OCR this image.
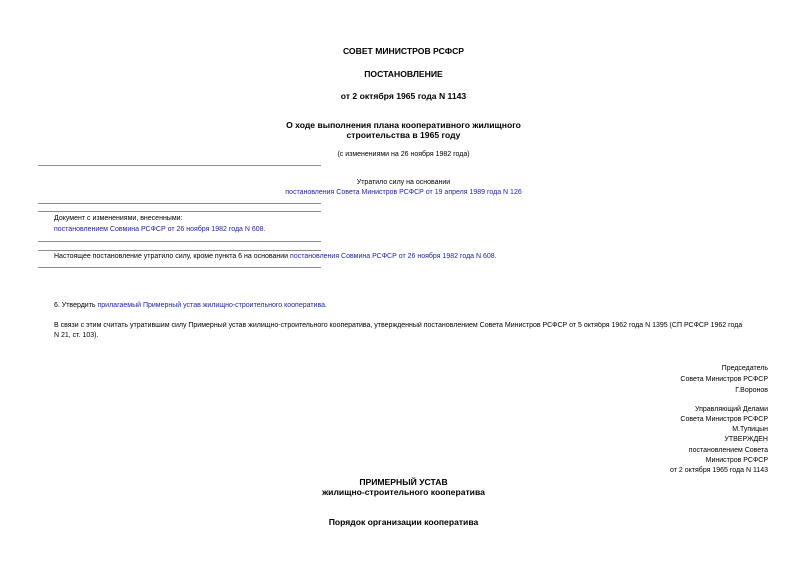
СОВЕТ МИНИСТРОВ РСФСР
ПОСТАНОВЛЕНИЕ
от 2 октября 1965 года N 1143
О ходе выполнения плана кооперативного жилищного
строительства в 1965 году
(с изменениями на 26 ноября 1982 года)
Утратило силу на основании
постановления Совета Министров РСФСР от 19 апреля 1989 года N 126
Документ с изменениями, внесенными:
постановлением Совмина РСФСР от 26 ноября 1982 года N 608.
Настоящее постановление утратило силу, кроме пункта 6 на основании постановления Совмина РСФСР от 26 ноября 1982 года N 608.
6. Утвердить прилагаемый Примерный устав жилищно-строительного кооператива.
В связи с этим считать утратившим силу Примерный устав жилищно-строительного кооператива, утвержденный постановлением Совета Министров РСФСР от 5 октября 1962 года N 1395 (СП РСФСР 1962 года
N 21, ст. 103).
Председатель
Совета Министров РСФСР
Г.Воронов
Управляющий Делами
Совета Министров РСФСР
М.Тупицын
УТВЕРЖДЕН
постановлением Совета
Министров РСФСР
от 2 октября 1965 года N 1143
ПРИМЕРНЫЙ УСТАВ
жилищно-строительного кооператива
Порядок организации кооператива
